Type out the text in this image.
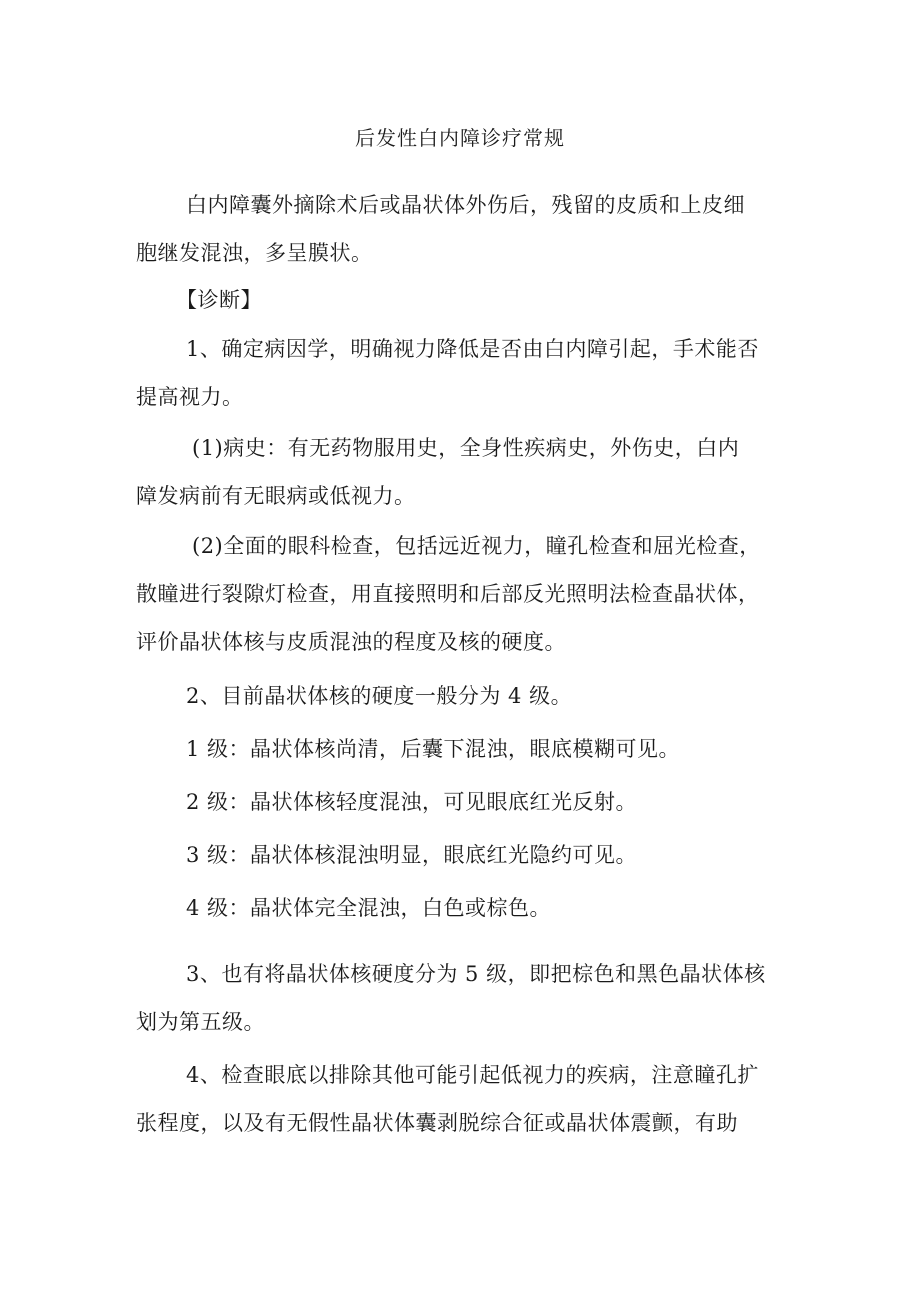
后发性白内障诊疗常规
白内障囊外摘除术后或晶状体外伤后，残留的皮质和上皮细
胞继发混浊，多呈膜状。
【诊断】
1、确定病因学，明确视力降低是否由白内障引起，手术能否
提高视力。
(1)病史：有无药物服用史，全身性疾病史，外伤史，白内
障发病前有无眼病或低视力。
(2)全面的眼科检查，包括远近视力，瞳孔检查和屈光检查，
散瞳进行裂隙灯检查，用直接照明和后部反光照明法检查晶状体，
评价晶状体核与皮质混浊的程度及核的硬度。
2、目前晶状体核的硬度一般分为 4 级。
1 级：晶状体核尚清，后囊下混浊，眼底模糊可见。
2 级：晶状体核轻度混浊，可见眼底红光反射。
3 级：晶状体核混浊明显，眼底红光隐约可见。
4 级：晶状体完全混浊，白色或棕色。
3、也有将晶状体核硬度分为 5 级，即把棕色和黑色晶状体核
划为第五级。
4、检查眼底以排除其他可能引起低视力的疾病，注意瞳孔扩
张程度，以及有无假性晶状体囊剥脱综合征或晶状体震颤，有助
